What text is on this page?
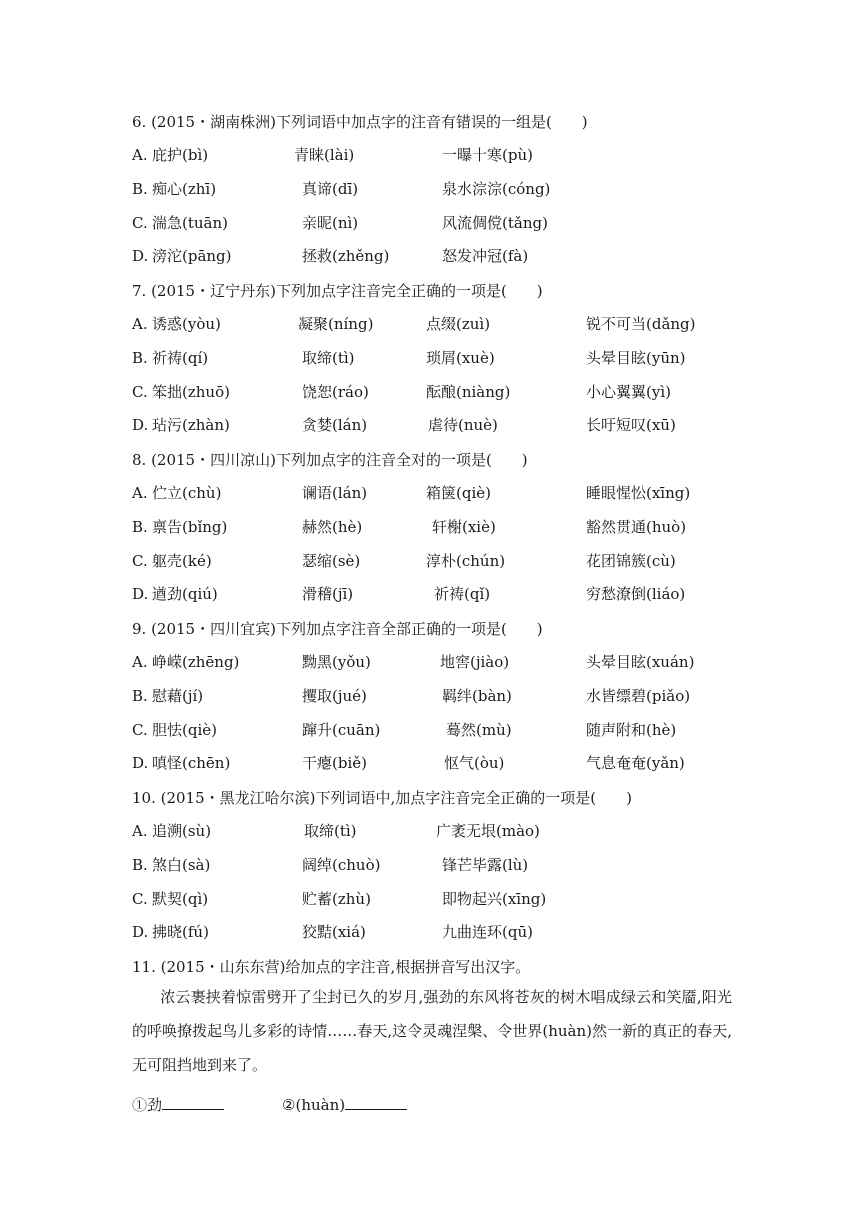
6. (2015・湖南株洲)下列词语中加点字的注音有错误的一组是(　　)
A. 庇护(bì)	青睐(lài)	一曝十寒(pù)
B. 痴心(zhī)	真谛(dī)	泉水淙淙(cóng)
C. 湍急(tuān)	亲昵(nì)	风流倜傥(tǎng)
D. 滂沱(pāng)	拯救(zhěng)	怒发冲冠(fà)
7. (2015・辽宁丹东)下列加点字注音完全正确的一项是(　　)
A. 诱惑(yòu)	凝聚(níng)	点缀(zuì)	锐不可当(dǎng)
B. 祈祷(qí)	取缔(tì)	琐屑(xuè)	头晕目眩(yūn)
C. 笨拙(zhuō)	饶恕(ráo)	酝酿(niàng)	小心翼翼(yì)
D. 玷污(zhàn)	贪婪(lán)	虐待(nuè)	长吁短叹(xū)
8. (2015・四川凉山)下列加点字的注音全对的一项是(　　)
A. 伫立(chù)	谰语(lán)	箱箧(qiè)	睡眼惺忪(xīng)
B. 禀告(bǐng)	赫然(hè)	轩榭(xiè)	豁然贯通(huò)
C. 躯壳(ké)	瑟缩(sè)	淳朴(chún)	花团锦簇(cù)
D. 遒劲(qiú)	滑稽(jī)	祈祷(qǐ)	穷愁潦倒(liáo)
9. (2015・四川宜宾)下列加点字注音全部正确的一项是(　　)
A. 峥嵘(zhēng)	黝黑(yǒu)	地窖(jiào)	头晕目眩(xuán)
B. 慰藉(jí)	攫取(jué)	羁绊(bàn)	水皆缥碧(piǎo)
C. 胆怯(qiè)	蹿升(cuān)	蓦然(mù)	随声附和(hè)
D. 嗔怪(chēn)	干瘪(biě)	怄气(òu)	气息奄奄(yǎn)
10. (2015・黑龙江哈尔滨)下列词语中,加点字注音完全正确的一项是(　　)
A. 追溯(sù)	取缔(tì)	广袤无垠(mào)
B. 煞白(sà)	阔绰(chuò)	锋芒毕露(lù)
C. 默契(qì)	贮蓄(zhù)	即物起兴(xīng)
D. 拂晓(fú)	狡黠(xiá)	九曲连环(qū)
11. (2015・山东东营)给加点的字注音,根据拼音写出汉字。
浓云裹挟着惊雷劈开了尘封已久的岁月,强劲的东风将苍灰的树木唱成绿云和笑靥,阳光的呼唤撩拨起鸟儿多彩的诗情……春天,这令灵魂涅槃、令世界(huàn)然一新的真正的春天,无可阻挡地到来了。
①劲	②(huàn)
